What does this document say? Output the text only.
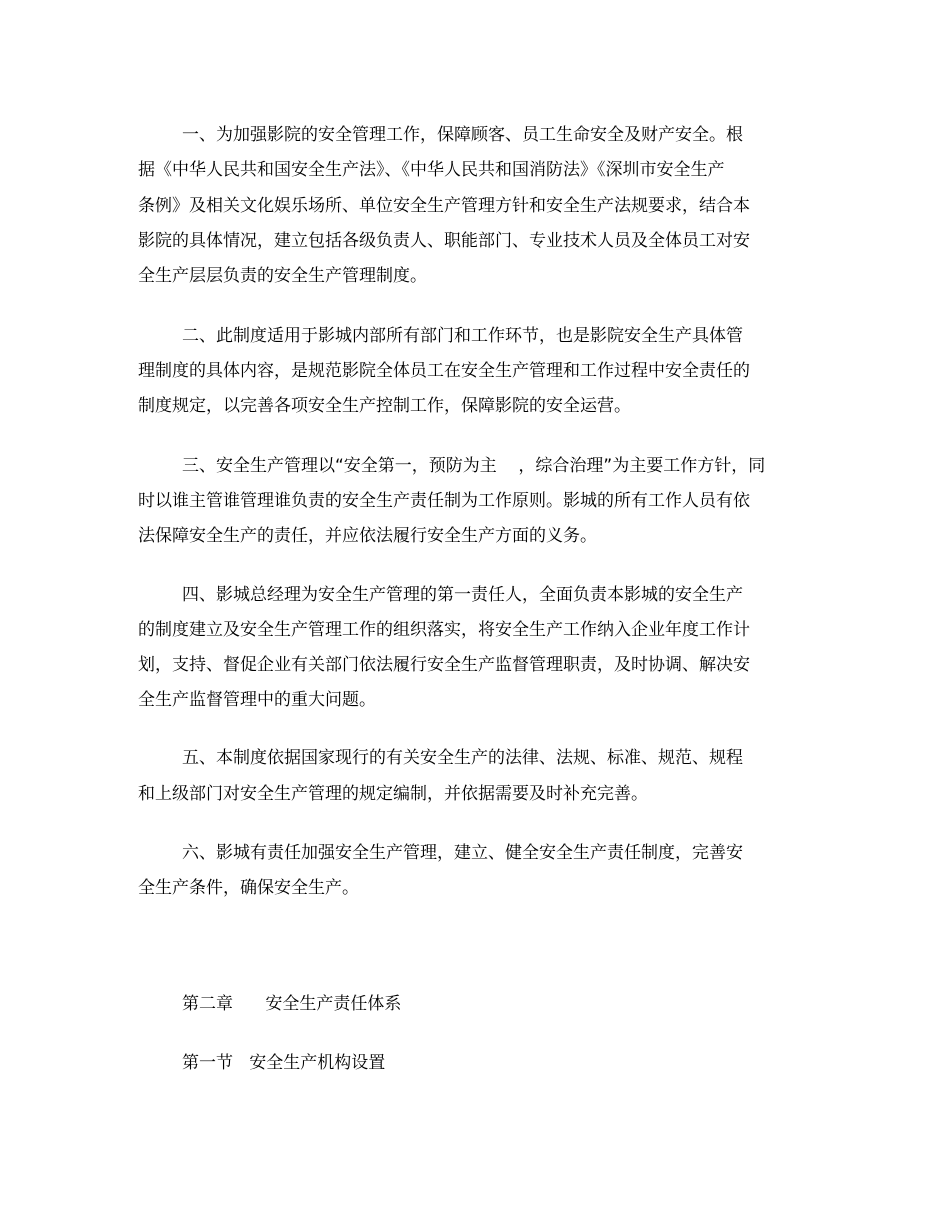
一、为加强影院的安全管理工作，保障顾客、员工生命安全及财产安全。根
据《中华人民共和国安全生产法》、《中华人民共和国消防法》《深圳市安全生产
条例》及相关文化娱乐场所、单位安全生产管理方针和安全生产法规要求，结合本
影院的具体情况，建立包括各级负责人、职能部门、专业技术人员及全体员工对安
全生产层层负责的安全生产管理制度。
二、此制度适用于影城内部所有部门和工作环节，也是影院安全生产具体管
理制度的具体内容，是规范影院全体员工在安全生产管理和工作过程中安全责任的
制度规定，以完善各项安全生产控制工作，保障影院的安全运营。
三、安全生产管理以“安全第一，预防为主    ，综合治理”为主要工作方针，同
时以谁主管谁管理谁负责的安全生产责任制为工作原则。影城的所有工作人员有依
法保障安全生产的责任，并应依法履行安全生产方面的义务。
四、影城总经理为安全生产管理的第一责任人，全面负责本影城的安全生产
的制度建立及安全生产管理工作的组织落实，将安全生产工作纳入企业年度工作计
划，支持、督促企业有关部门依法履行安全生产监督管理职责，及时协调、解决安
全生产监督管理中的重大问题。
五、本制度依据国家现行的有关安全生产的法律、法规、标准、规范、规程
和上级部门对安全生产管理的规定编制，并依据需要及时补充完善。
六、影城有责任加强安全生产管理，建立、健全安全生产责任制度，完善安
全生产条件，确保安全生产。
第二章      安全生产责任体系
第一节   安全生产机构设置
